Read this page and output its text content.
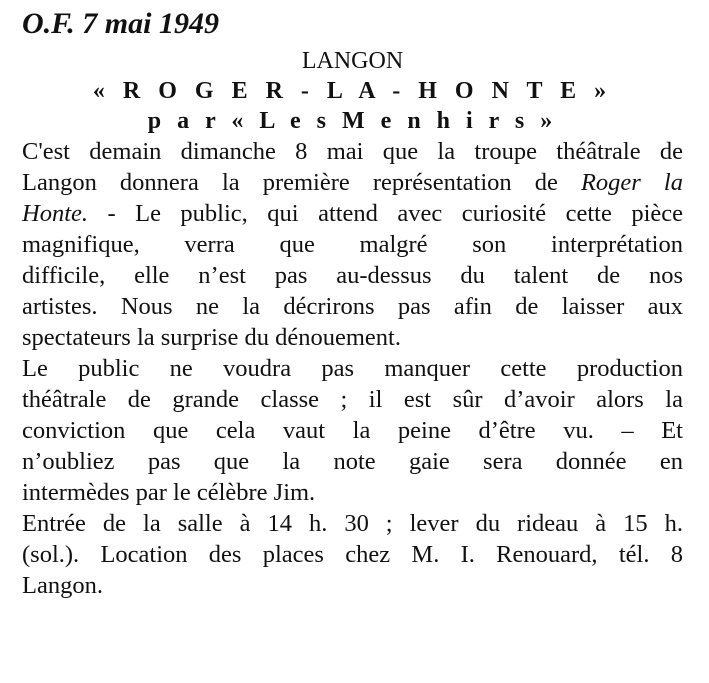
O.F. 7 mai 1949

LANGON

« R O G E R - L A - H O N T E »

p a r « L e s M e n h i r s »

C'est demain dimanche 8 mai que la troupe théâtrale de
Langon donnera la première représentation de Roger la
Honte. - Le public, qui attend avec curiosité cette pièce
magnifique, verra que malgré son interprétation
difficile, elle n’est pas au-dessus du talent de nos
artistes. Nous ne la décrirons pas afin de laisser aux
spectateurs la surprise du dénouement.
Le public ne voudra pas manquer cette production
théâtrale de grande classe ; il est sûr d’avoir alors la
conviction que cela vaut la peine d’être vu. – Et
n’oubliez pas que la note gaie sera donnée en
intermèdes par le célèbre Jim.
Entrée de la salle à 14 h. 30 ; lever du rideau à 15 h.
(sol.). Location des places chez M. I. Renouard, tél. 8
Langon.
